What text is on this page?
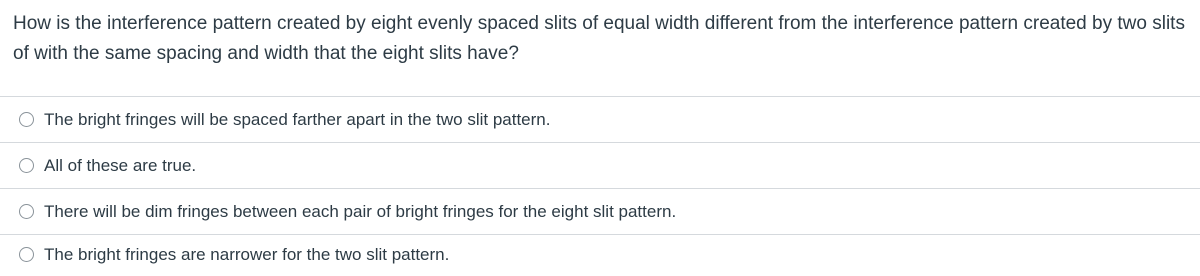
How is the interference pattern created by eight evenly spaced slits of equal width different from the interference pattern created by two slits of with the same spacing and width that the eight slits have?

The bright fringes will be spaced farther apart in the two slit pattern.
All of these are true.
There will be dim fringes between each pair of bright fringes for the eight slit pattern.
The bright fringes are narrower for the two slit pattern.
